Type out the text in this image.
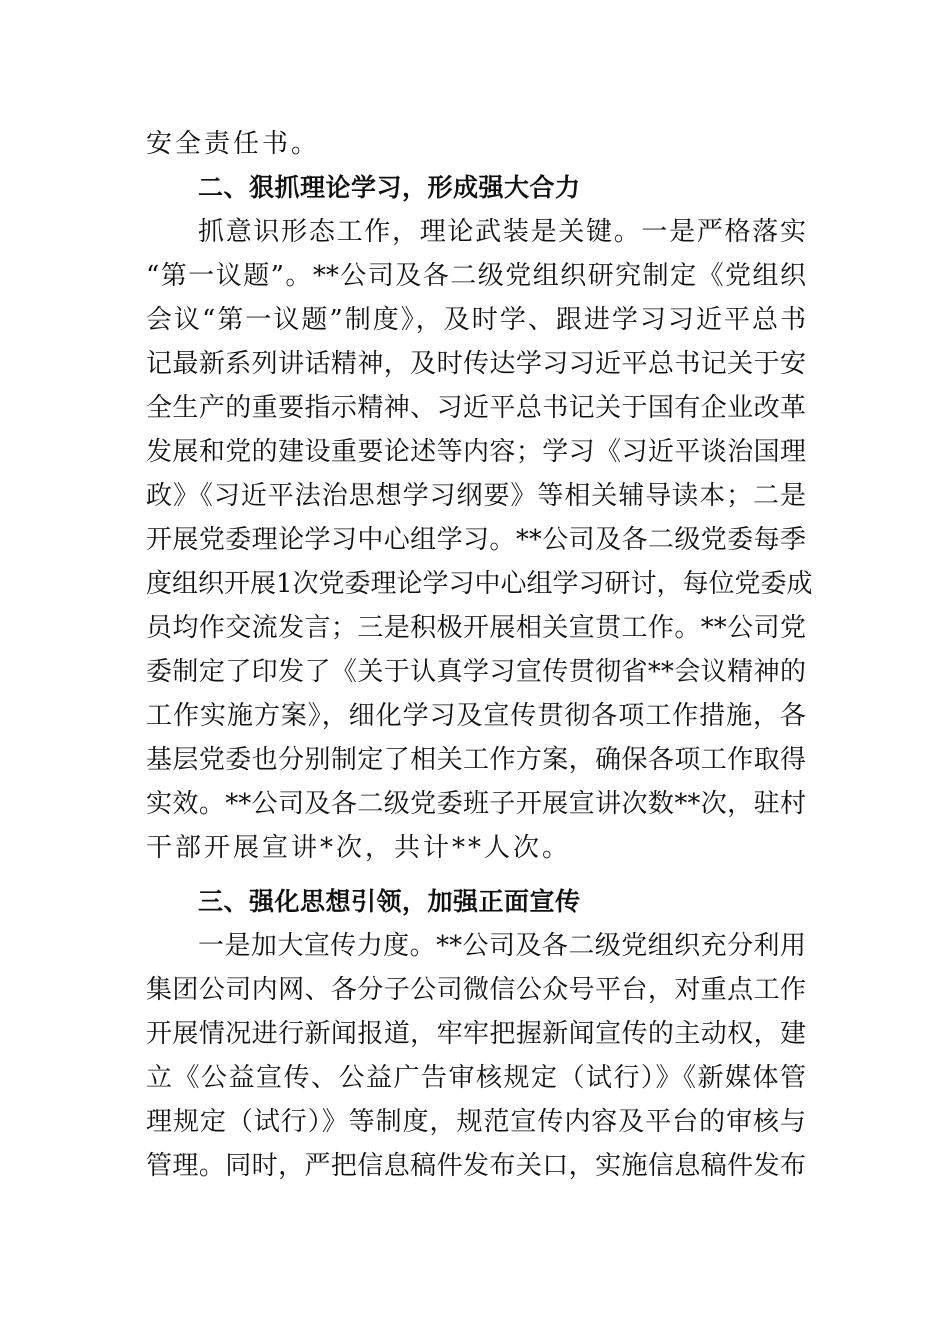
安全责任书。
二、狠抓理论学习，形成强大合力
抓意识形态工作，理论武装是关键。一是严格落实
“第一议题”。**公司及各二级党组织研究制定《党组织
会议“第一议题”制度》，及时学、跟进学习习近平总书
记最新系列讲话精神，及时传达学习习近平总书记关于安
全生产的重要指示精神、习近平总书记关于国有企业改革
发展和党的建设重要论述等内容；学习《习近平谈治国理
政》《习近平法治思想学习纲要》等相关辅导读本；二是
开展党委理论学习中心组学习。**公司及各二级党委每季
度组织开展1次党委理论学习中心组学习研讨，每位党委成
员均作交流发言；三是积极开展相关宣贯工作。**公司党
委制定了印发了《关于认真学习宣传贯彻省**会议精神的
工作实施方案》，细化学习及宣传贯彻各项工作措施，各
基层党委也分别制定了相关工作方案，确保各项工作取得
实效。**公司及各二级党委班子开展宣讲次数**次，驻村
干部开展宣讲*次，共计**人次。
三、强化思想引领，加强正面宣传
一是加大宣传力度。**公司及各二级党组织充分利用
集团公司内网、各分子公司微信公众号平台，对重点工作
开展情况进行新闻报道，牢牢把握新闻宣传的主动权，建
立《公益宣传、公益广告审核规定（试行）》《新媒体管
理规定（试行）》等制度，规范宣传内容及平台的审核与
管理。同时，严把信息稿件发布关口，实施信息稿件发布
